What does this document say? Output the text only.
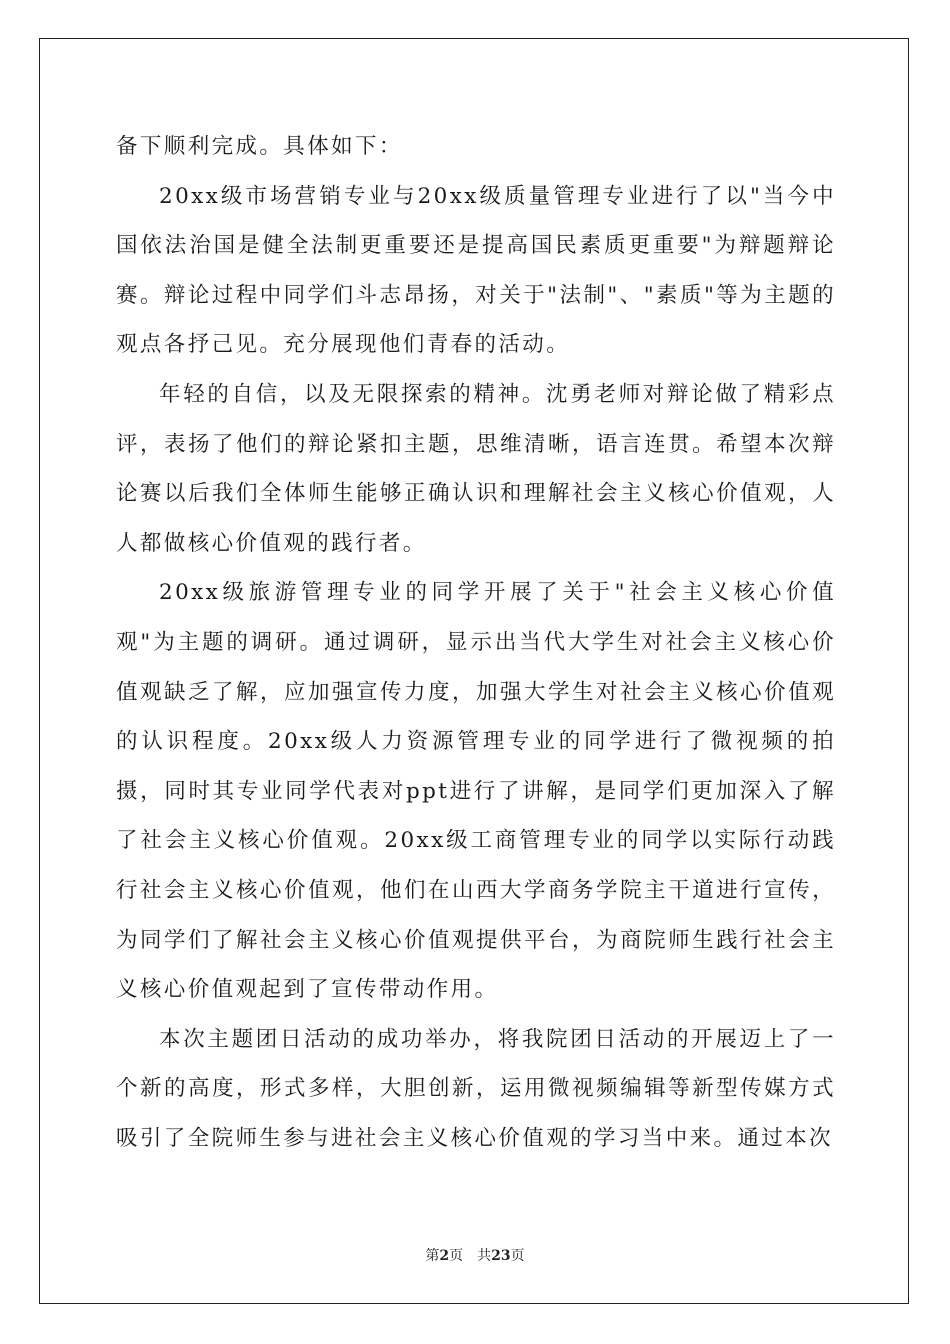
备下顺利完成。具体如下：

20xx级市场营销专业与20xx级质量管理专业进行了以"当今中国依法治国是健全法制更重要还是提高国民素质更重要"为辩题辩论赛。辩论过程中同学们斗志昂扬，对关于"法制"、"素质"等为主题的观点各抒己见。充分展现他们青春的活动。

年轻的自信，以及无限探索的精神。沈勇老师对辩论做了精彩点评，表扬了他们的辩论紧扣主题，思维清晰，语言连贯。希望本次辩论赛以后我们全体师生能够正确认识和理解社会主义核心价值观，人人都做核心价值观的践行者。

20xx级旅游管理专业的同学开展了关于"社会主义核心价值观"为主题的调研。通过调研，显示出当代大学生对社会主义核心价值观缺乏了解，应加强宣传力度，加强大学生对社会主义核心价值观的认识程度。20xx级人力资源管理专业的同学进行了微视频的拍摄，同时其专业同学代表对ppt进行了讲解，是同学们更加深入了解了社会主义核心价值观。20xx级工商管理专业的同学以实际行动践行社会主义核心价值观，他们在山西大学商务学院主干道进行宣传，为同学们了解社会主义核心价值观提供平台，为商院师生践行社会主义核心价值观起到了宣传带动作用。

本次主题团日活动的成功举办，将我院团日活动的开展迈上了一个新的高度，形式多样，大胆创新，运用微视频编辑等新型传媒方式吸引了全院师生参与进社会主义核心价值观的学习当中来。通过本次

第2页 共23页
